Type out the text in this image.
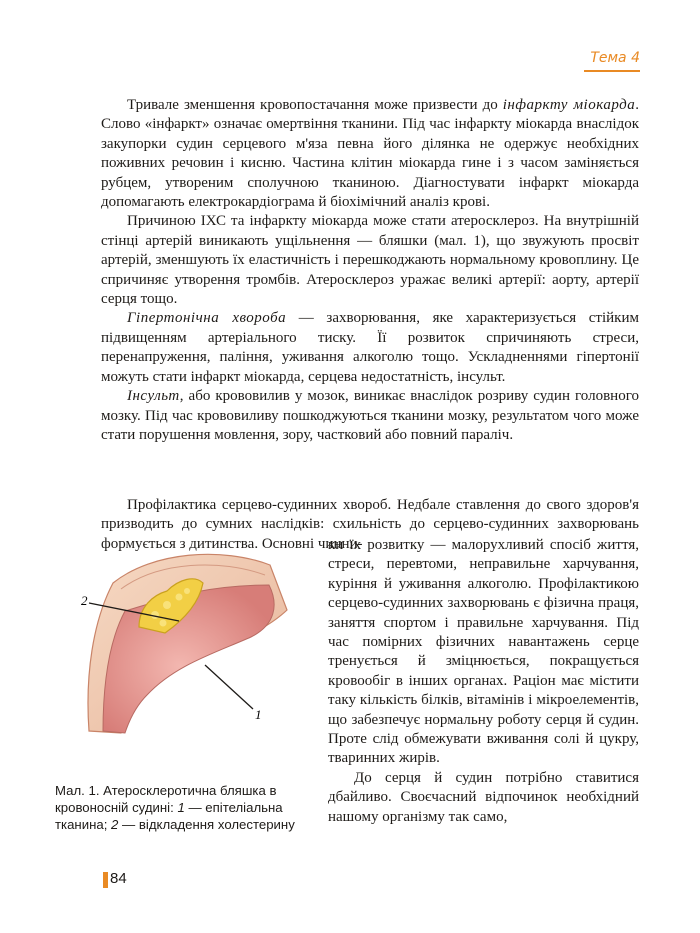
Тема 4

Тривале зменшення кровопостачання може призвести до інфаркту міокарда. Слово «інфаркт» означає омертвіння тканини. Під час інфаркту міокарда внаслідок закупорки судин серцевого м'яза певна його ділянка не одержує необхідних поживних речовин і кисню. Частина клітин міокарда гине і з часом заміняється рубцем, утвореним сполучною тканиною. Діагностувати інфаркт міокарда допомагають електрокардіограма й біохімічний аналіз крові.

Причиною ІХС та інфаркту міокарда може стати атеросклероз. На внутрішній стінці артерій виникають ущільнення — бляшки (мал. 1), що звужують просвіт артерій, зменшують їх еластичність і перешкоджають нормальному кровоплину. Це спричиняє утворення тромбів. Атеросклероз уражає великі артерії: аорту, артерії серця тощо.

Гіпертонічна хвороба — захворювання, яке характеризується стійким підвищенням артеріального тиску. Її розвиток спричиняють стреси, перенапруження, паління, уживання алкоголю тощо. Ускладненнями гіпертонії можуть стати інфаркт міокарда, серцева недостатність, інсульт.

Інсульт, або крововилив у мозок, виникає внаслідок розриву судин головного мозку. Під час крововиливу пошкоджуються тканини мозку, результатом чого може стати порушення мовлення, зору, частковий або повний параліч.

Профілактика серцево-судинних хвороб. Недбале ставлення до свого здоров'я призводить до сумних наслідків: схильність до серцево-судинних захворювань формується з дитинства. Основні чинни-

2
1

ки їх розвитку — малорухливий спосіб життя, стреси, перевтоми, неправильне харчування, куріння й уживання алкоголю. Профілактикою серцево-судинних захворювань є фізична праця, заняття спортом і правильне харчування. Під час помірних фізичних навантажень серце тренується й зміцнюється, покращується кровообіг в інших органах. Раціон має містити таку кількість білків, вітамінів і мікроелементів, що забезпечує нормальну роботу серця й судин. Проте слід обмежувати вживання солі й цукру, тваринних жирів.

До серця й судин потрібно ставитися дбайливо. Своєчасний відпочинок необхідний нашому організму так само,

Мал. 1. Атеросклеротична бляшка в кровоносній судині: 1 — епітеліальна тканина; 2 — відкладення холестерину
84
